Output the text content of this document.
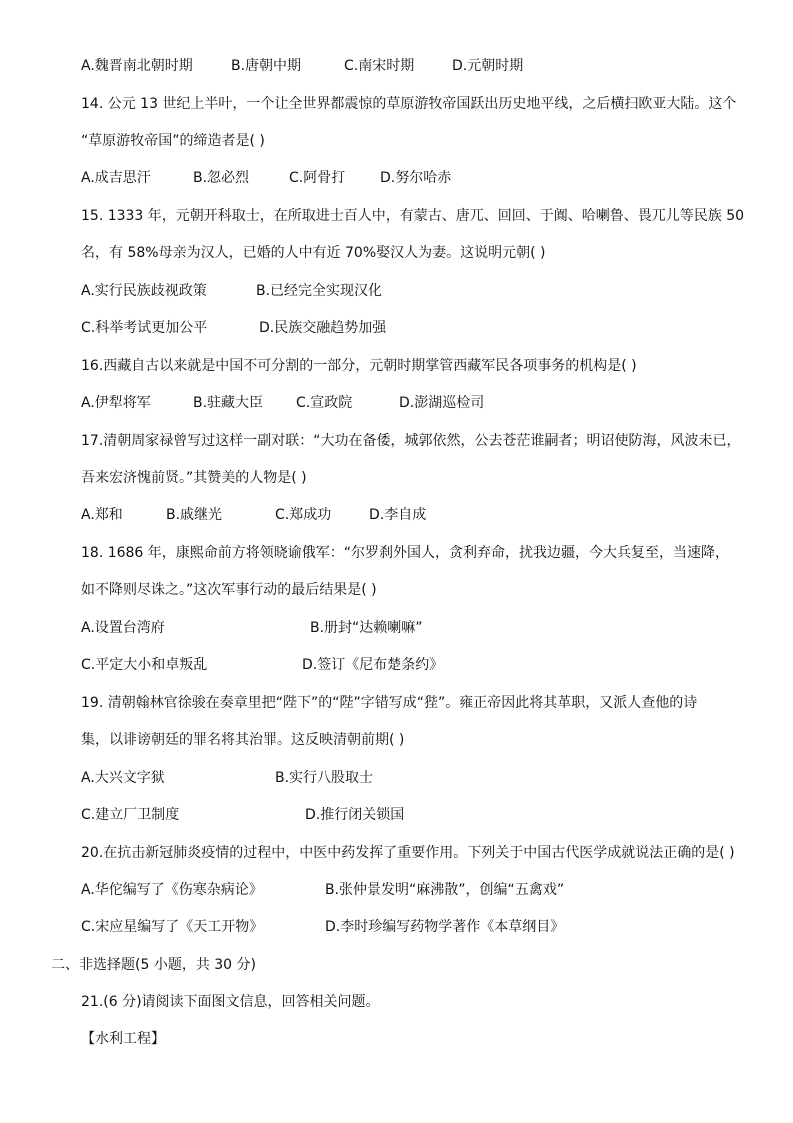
A.魏晋南北朝时期	B.唐朝中期	C.南宋时期	D.元朝时期
14. 公元 13 世纪上半叶，一个让全世界都震惊的草原游牧帝国跃出历史地平线，之后横扫欧亚大陆。这个
“草原游牧帝国”的缔造者是( )
A.成吉思汗	B.忽必烈	C.阿骨打 D.努尔哈赤
15. 1333 年，元朝开科取士，在所取进士百人中，有蒙古、唐兀、回回、于阗、哈喇鲁、畏兀儿等民族 50
名，有 58%母亲为汉人，已婚的人中有近 70%娶汉人为妻。这说明元朝( )
A.实行民族歧视政策	B.已经完全实现汉化
C.科举考试更加公平	D.民族交融趋势加强
16.西藏自古以来就是中国不可分割的一部分，元朝时期掌管西藏军民各项事务的机构是( )
A.伊犁将军	B.驻藏大臣 C.宣政院	D.澎湖巡检司
17.清朝周家禄曾写过这样一副对联：“大功在备倭，城郭依然，公去苍茫谁嗣者；明诏使防海，风波未已，
吾来宏济愧前贤。”其赞美的人物是( )
A.郑和	B.戚继光	C.郑成功	D.李自成
18. 1686 年，康熙命前方将领晓谕俄军：“尔罗刹外国人，贪利弃命，扰我边疆，今大兵复至，当速降，
如不降则尽诛之。”这次军事行动的最后结果是( )
A.设置台湾府	B.册封“达赖喇嘛”
C.平定大小和卓叛乱	D.签订《尼布楚条约》
19. 清朝翰林官徐骏在奏章里把“陛下”的“陛”字错写成“狴”。雍正帝因此将其革职，又派人查他的诗
集，以诽谤朝廷的罪名将其治罪。这反映清朝前期( )
A.大兴文字狱	B.实行八股取士
C.建立厂卫制度	D.推行闭关锁国
20.在抗击新冠肺炎疫情的过程中，中医中药发挥了重要作用。下列关于中国古代医学成就说法正确的是( )
A.华佗编写了《伤寒杂病论》	B.张仲景发明“麻沸散”，创编“五禽戏”
C.宋应星编写了《天工开物》	D.李时珍编写药物学著作《本草纲目》
二、非选择题(5 小题，共 30 分)
21.(6 分)请阅读下面图文信息，回答相关问题。
【水利工程】
